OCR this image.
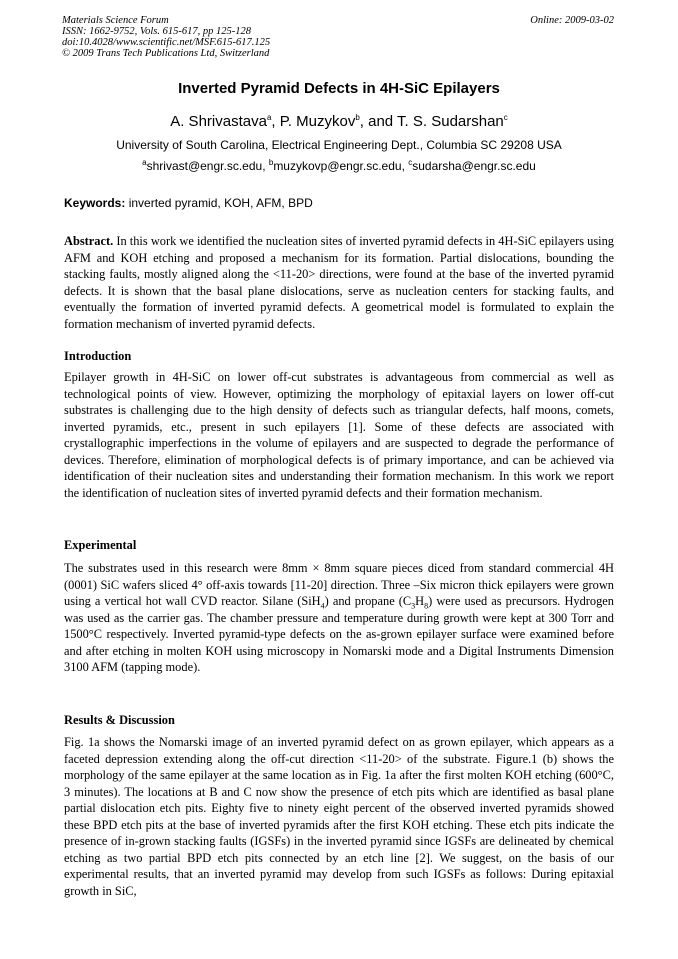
Materials Science Forum
ISSN: 1662-9752, Vols. 615-617, pp 125-128
doi:10.4028/www.scientific.net/MSF.615-617.125
© 2009 Trans Tech Publications Ltd, Switzerland
Online: 2009-03-02
Inverted Pyramid Defects in 4H-SiC Epilayers
A. Shrivastava$^a$, P. Muzykov$^b$, and T. S. Sudarshan$^c$
University of South Carolina, Electrical Engineering Dept., Columbia SC 29208 USA
$^a$shrivast@engr.sc.edu, $^b$muzykovp@engr.sc.edu, $^c$sudarsha@engr.sc.edu
Keywords: inverted pyramid, KOH, AFM, BPD

Abstract. In this work we identified the nucleation sites of inverted pyramid defects in 4H-SiC epilayers using AFM and KOH etching and proposed a mechanism for its formation. Partial dislocations, bounding the stacking faults, mostly aligned along the <11-20> directions, were found at the base of the inverted pyramid defects. It is shown that the basal plane dislocations, serve as nucleation centers for stacking faults, and eventually the formation of inverted pyramid defects. A geometrical model is formulated to explain the formation mechanism of inverted pyramid defects.

Introduction

Epilayer growth in 4H-SiC on lower off-cut substrates is advantageous from commercial as well as technological points of view. However, optimizing the morphology of epitaxial layers on lower off-cut substrates is challenging due to the high density of defects such as triangular defects, half moons, comets, inverted pyramids, etc., present in such epilayers [1]. Some of these defects are associated with crystallographic imperfections in the volume of epilayers and are suspected to degrade the performance of devices. Therefore, elimination of morphological defects is of primary importance, and can be achieved via identification of their nucleation sites and understanding their formation mechanism. In this work we report the identification of nucleation sites of inverted pyramid defects and their formation mechanism.

Experimental

The substrates used in this research were 8mm × 8mm square pieces diced from standard commercial 4H (0001) SiC wafers sliced 4° off-axis towards [11-20] direction. Three –Six micron thick epilayers were grown using a vertical hot wall CVD reactor. Silane (SiH$_4$) and propane $(C_3H_8)$ were used as precursors. Hydrogen was used as the carrier gas. The chamber pressure and temperature during growth were kept at 300 Torr and 1500°C respectively. Inverted pyramid-type defects on the as-grown epilayer surface were examined before and after etching in molten KOH using microscopy in Nomarski mode and a Digital Instruments Dimension 3100 AFM (tapping mode).

Results & Discussion

Fig. 1a shows the Nomarski image of an inverted pyramid defect on as grown epilayer, which appears as a faceted depression extending along the off-cut direction <11-20> of the substrate. Figure.1 (b) shows the morphology of the same epilayer at the same location as in Fig. 1a after the first molten KOH etching (600°C, 3 minutes). The locations at B and C now show the presence of etch pits which are identified as basal plane partial dislocation etch pits. Eighty five to ninety eight percent of the observed inverted pyramids showed these BPD etch pits at the base of inverted pyramids after the first KOH etching. These etch pits indicate the presence of in-grown stacking faults (IGSFs) in the inverted pyramid since IGSFs are delineated by chemical etching as two partial BPD etch pits connected by an etch line [2]. We suggest, on the basis of our experimental results, that an inverted pyramid may develop from such IGSFs as follows: During epitaxial growth in SiC,
